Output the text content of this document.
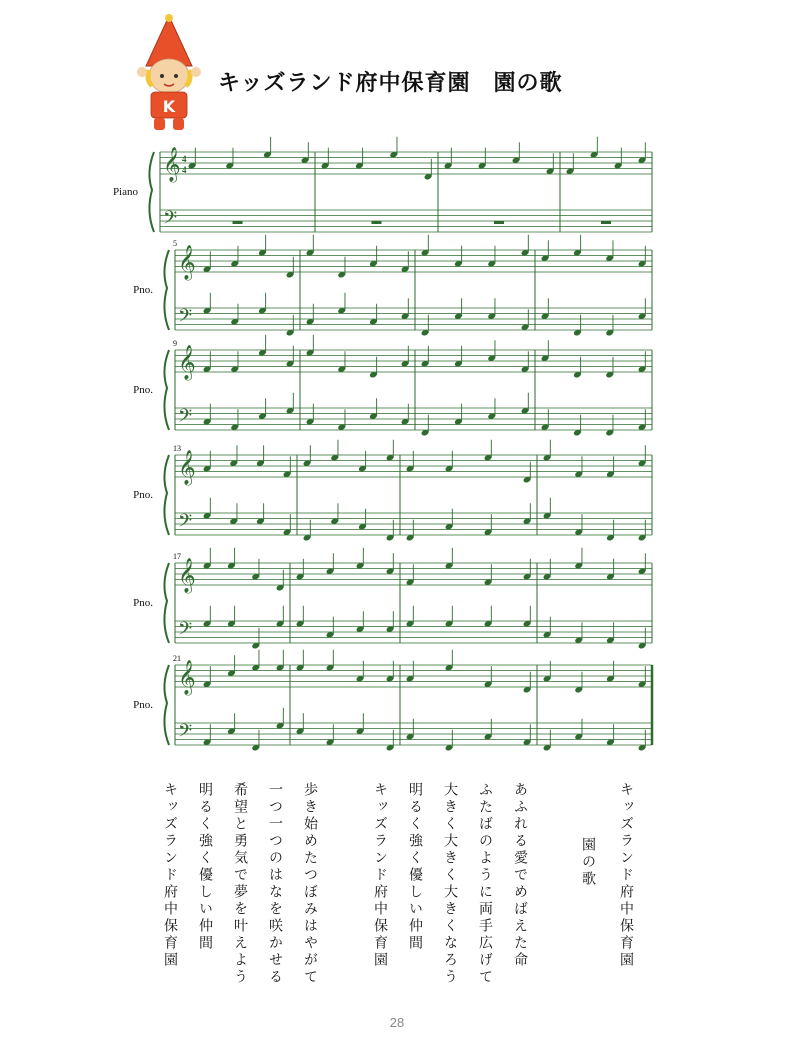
K
キッズランド府中保育園　園の歌
𝄞
𝄢
Piano
4
4
𝄞
𝄢
Pno.
5
𝄞
𝄢
Pno.
9
𝄞
𝄢
Pno.
13
𝄞
𝄢
Pno.
17
𝄞
𝄢
Pno.
21
キッズランド府中保育園
園の歌
あふれる愛でめばえた命
ふたばのように両手広げて
大きく大きく大きくなろう
明るく強く優しい仲間
キッズランド府中保育園
歩き始めたつぼみはやがて
一つ一つのはなを咲かせる
希望と勇気で夢を叶えよう
明るく強く優しい仲間
キッズランド府中保育園
28
